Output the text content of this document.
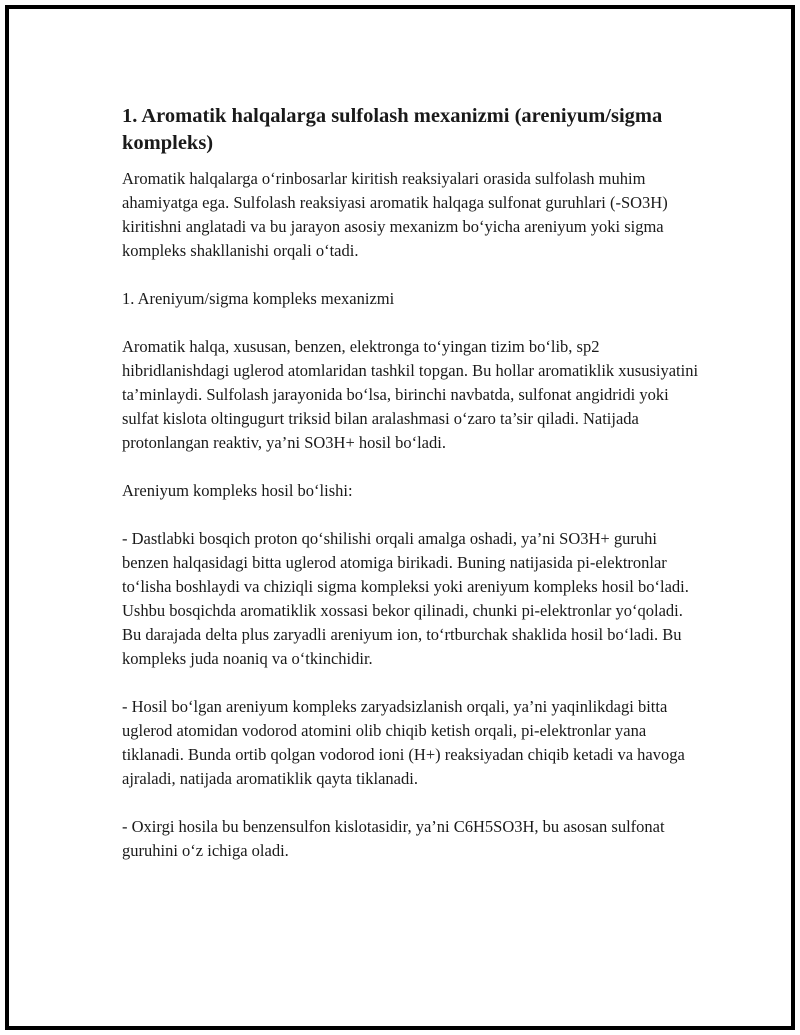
1. Aromatik halqalarga sulfolash mexanizmi (areniyum/sigma kompleks)

Aromatik halqalarga o‘rinbosarlar kiritish reaksiyalari orasida sulfolash muhim ahamiyatga ega. Sulfolash reaksiyasi aromatik halqaga sulfonat guruhlari (-SO3H) kiritishni anglatadi va bu jarayon asosiy mexanizm bo‘yicha areniyum yoki sigma kompleks shakllanishi orqali o‘tadi.

1. Areniyum/sigma kompleks mexanizmi

Aromatik halqa, xususan, benzen, elektronga to‘yingan tizim bo‘lib, sp2 hibridlanishdagi uglerod atomlaridan tashkil topgan. Bu hollar aromatiklik xususiyatini ta’minlaydi. Sulfolash jarayonida bo‘lsa, birinchi navbatda, sulfonat angidridi yoki sulfat kislota oltingugurt triksid bilan aralashmasi o‘zaro ta’sir qiladi. Natijada protonlangan reaktiv, ya’ni SO3H+ hosil bo‘ladi.

Areniyum kompleks hosil bo‘lishi:

- Dastlabki bosqich proton qo‘shilishi orqali amalga oshadi, ya’ni SO3H+ guruhi benzen halqasidagi bitta uglerod atomiga birikadi. Buning natijasida pi-elektronlar to‘lisha boshlaydi va chiziqli sigma kompleksi yoki areniyum kompleks hosil bo‘ladi. Ushbu bosqichda aromatiklik xossasi bekor qilinadi, chunki pi-elektronlar yo‘qoladi. Bu darajada delta plus zaryadli areniyum ion, to‘rtburchak shaklida hosil bo‘ladi. Bu kompleks juda noaniq va o‘tkinchidir.

- Hosil bo‘lgan areniyum kompleks zaryadsizlanish orqali, ya’ni yaqinlikdagi bitta uglerod atomidan vodorod atomini olib chiqib ketish orqali, pi-elektronlar yana tiklanadi. Bunda ortib qolgan vodorod ioni (H+) reaksiyadan chiqib ketadi va havoga ajraladi, natijada aromatiklik qayta tiklanadi.

- Oxirgi hosila bu benzensulfon kislotasidir, ya’ni C6H5SO3H, bu asosan sulfonat guruhini o‘z ichiga oladi.
